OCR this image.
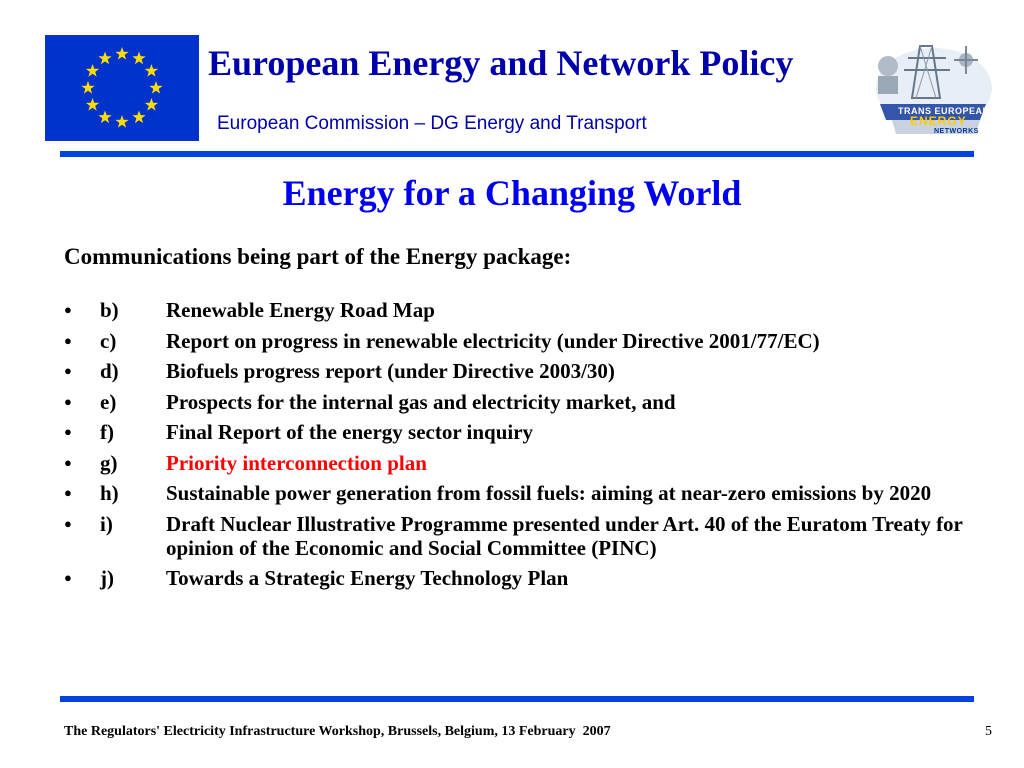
European Energy and Network Policy
European Commission – DG Energy and Transport
TRANS EUROPEAN
ENERGY
NETWORKS
Energy for a Changing World
Communications being part of the Energy package:
●	b)	Renewable Energy Road Map
●	c)	Report on progress in renewable electricity (under Directive 2001/77/EC)
●	d)	Biofuels progress report (under Directive 2003/30)
●	e)	Prospects for the internal gas and electricity market, and
●	f)	Final Report of the energy sector inquiry
●	g)	Priority interconnection plan
●	h)	Sustainable power generation from fossil fuels: aiming at near-zero emissions by 2020
●	i)	Draft Nuclear Illustrative Programme presented under Art. 40 of the Euratom Treaty for opinion of the Economic and Social Committee (PINC)
●	j)	Towards a Strategic Energy Technology Plan
The Regulators' Electricity Infrastructure Workshop, Brussels, Belgium, 13 February  2007	5
